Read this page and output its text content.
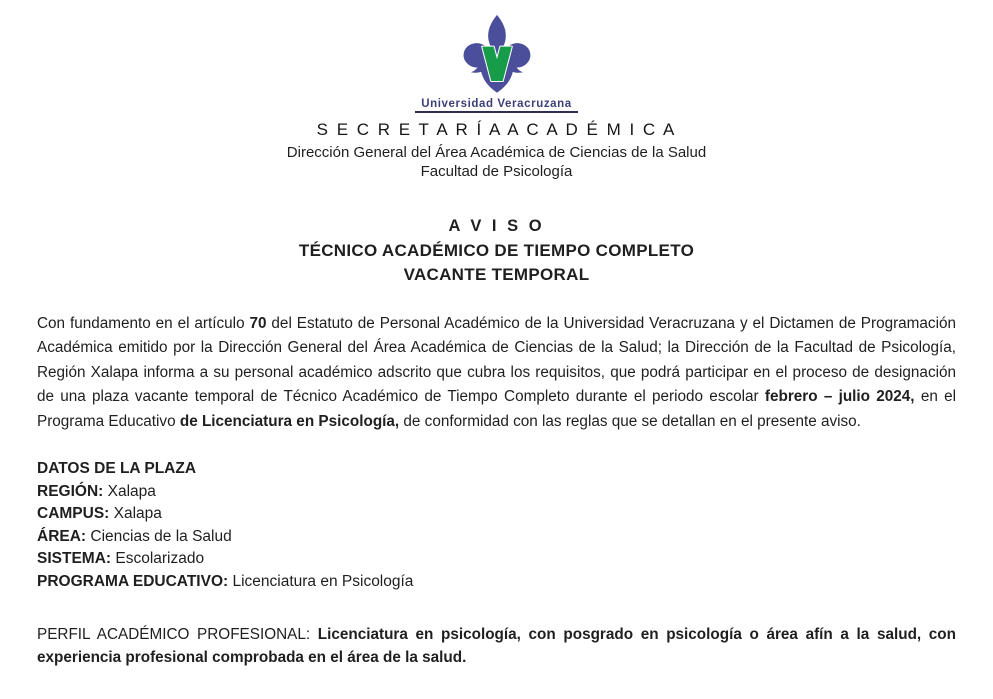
Universidad Veracruzana
S E C R E T A R Í A A C A D É M I C A
Dirección General del Área Académica de Ciencias de la Salud
Facultad de Psicología
A V I S O
TÉCNICO ACADÉMICO DE TIEMPO COMPLETO
VACANTE TEMPORAL

Con fundamento en el artículo 70 del Estatuto de Personal Académico de la Universidad Veracruzana y el Dictamen de Programación Académica emitido por la Dirección General del Área Académica de Ciencias de la Salud; la Dirección de la Facultad de Psicología, Región Xalapa informa a su personal académico adscrito que cubra los requisitos, que podrá participar en el proceso de designación de una plaza vacante temporal de Técnico Académico de Tiempo Completo durante el periodo escolar febrero – julio 2024, en el Programa Educativo de Licenciatura en Psicología, de conformidad con las reglas que se detallan en el presente aviso.

DATOS DE LA PLAZA
REGIÓN: Xalapa
CAMPUS: Xalapa
ÁREA: Ciencias de la Salud
SISTEMA: Escolarizado
PROGRAMA EDUCATIVO: Licenciatura en Psicología

PERFIL ACADÉMICO PROFESIONAL: Licenciatura en psicología, con posgrado en psicología o área afín a la salud, con experiencia profesional comprobada en el área de la salud.
